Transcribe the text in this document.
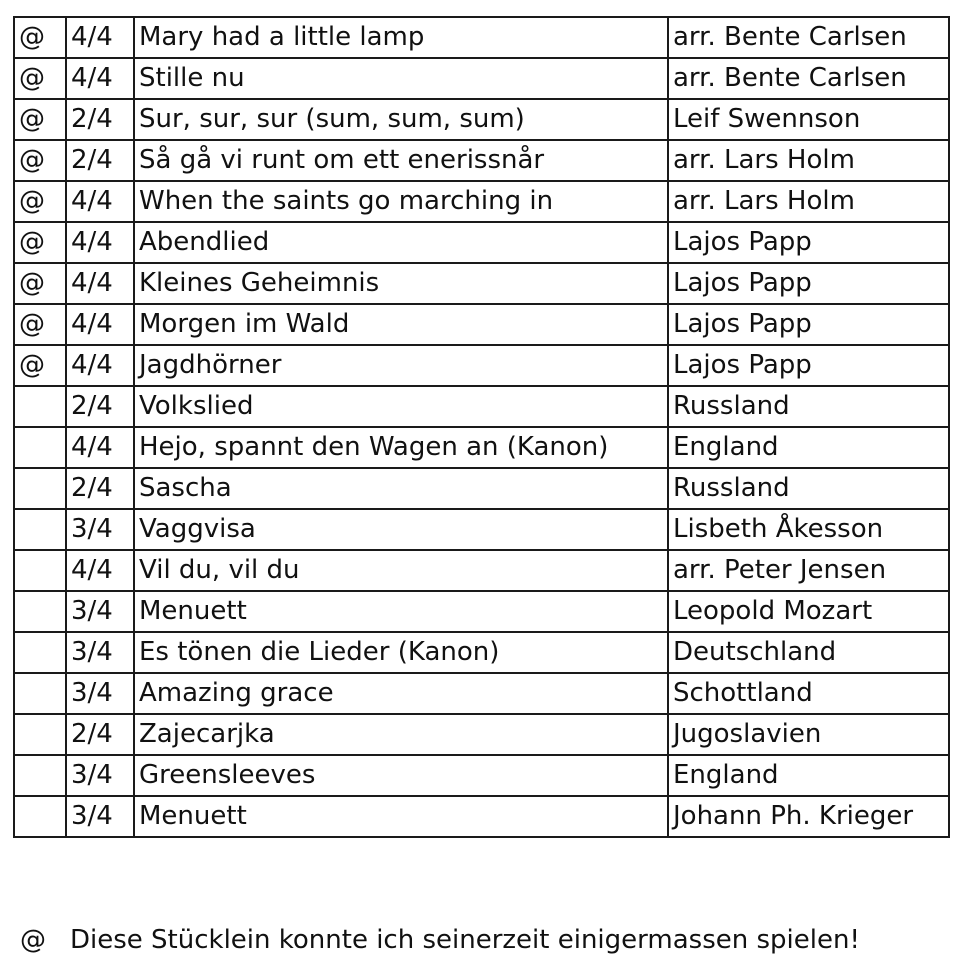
@	4/4	Mary had a little lamp	arr. Bente Carlsen
@	4/4	Stille nu	arr. Bente Carlsen
@	2/4	Sur, sur, sur (sum, sum, sum)	Leif Swennson
@	2/4	Så gå vi runt om ett enerissnår	arr. Lars Holm
@	4/4	When the saints go marching in	arr. Lars Holm
@	4/4	Abendlied	Lajos Papp
@	4/4	Kleines Geheimnis	Lajos Papp
@	4/4	Morgen im Wald	Lajos Papp
@	4/4	Jagdhörner	Lajos Papp
	2/4	Volkslied	Russland
	4/4	Hejo, spannt den Wagen an (Kanon)	England
	2/4	Sascha	Russland
	3/4	Vaggvisa	Lisbeth Åkesson
	4/4	Vil du, vil du	arr. Peter Jensen
	3/4	Menuett	Leopold Mozart
	3/4	Es tönen die Lieder (Kanon)	Deutschland
	3/4	Amazing grace	Schottland
	2/4	Zajecarjka	Jugoslavien
	3/4	Greensleeves	England
	3/4	Menuett	Johann Ph. Krieger
@ Diese Stücklein konnte ich seinerzeit einigermassen spielen!
